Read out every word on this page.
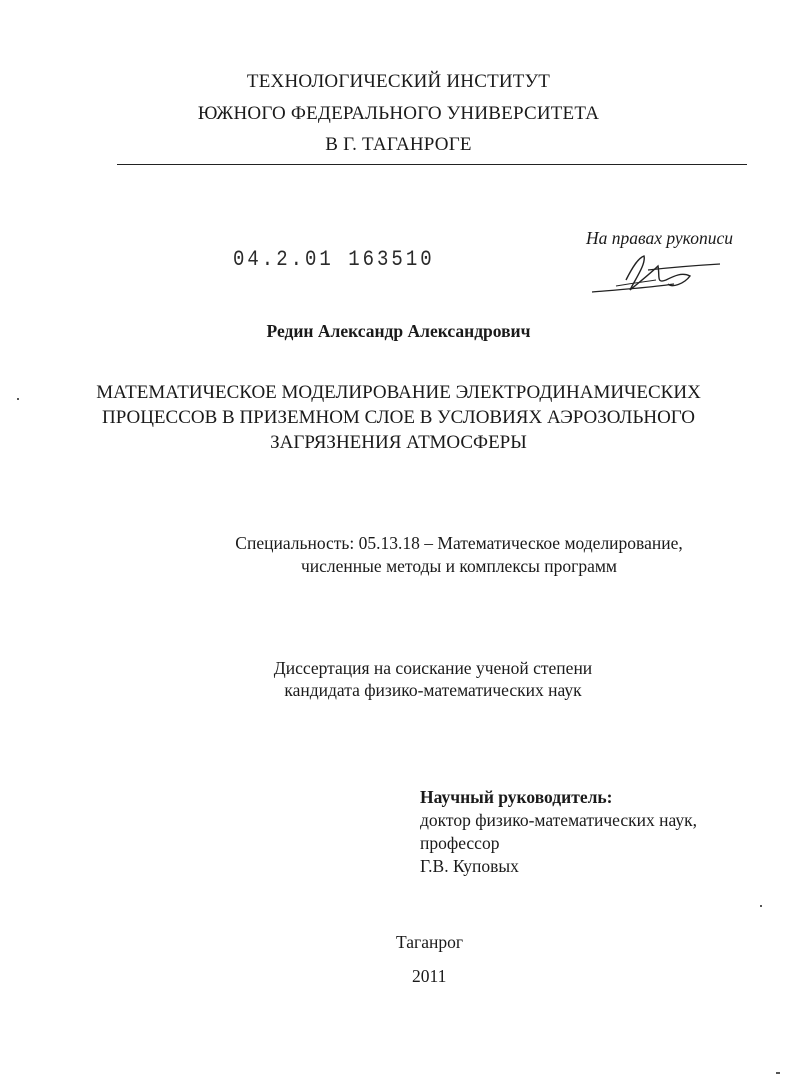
ТЕХНОЛОГИЧЕСКИЙ ИНСТИТУТ
ЮЖНОГО ФЕДЕРАЛЬНОГО УНИВЕРСИТЕТА
В Г. ТАГАНРОГЕ
04.2.01 163510
На правах рукописи
Редин Александр Александрович
МАТЕМАТИЧЕСКОЕ МОДЕЛИРОВАНИЕ ЭЛЕКТРОДИНАМИЧЕСКИХ
ПРОЦЕССОВ В ПРИЗЕМНОМ СЛОЕ В УСЛОВИЯХ АЭРОЗОЛЬНОГО
ЗАГРЯЗНЕНИЯ АТМОСФЕРЫ
Специальность: 05.13.18 – Математическое моделирование,
численные методы и комплексы программ
Диссертация на соискание ученой степени
кандидата физико-математических наук
Научный руководитель:
доктор физико-математических наук,
профессор
Г.В. Куповых
Таганрог
2011
